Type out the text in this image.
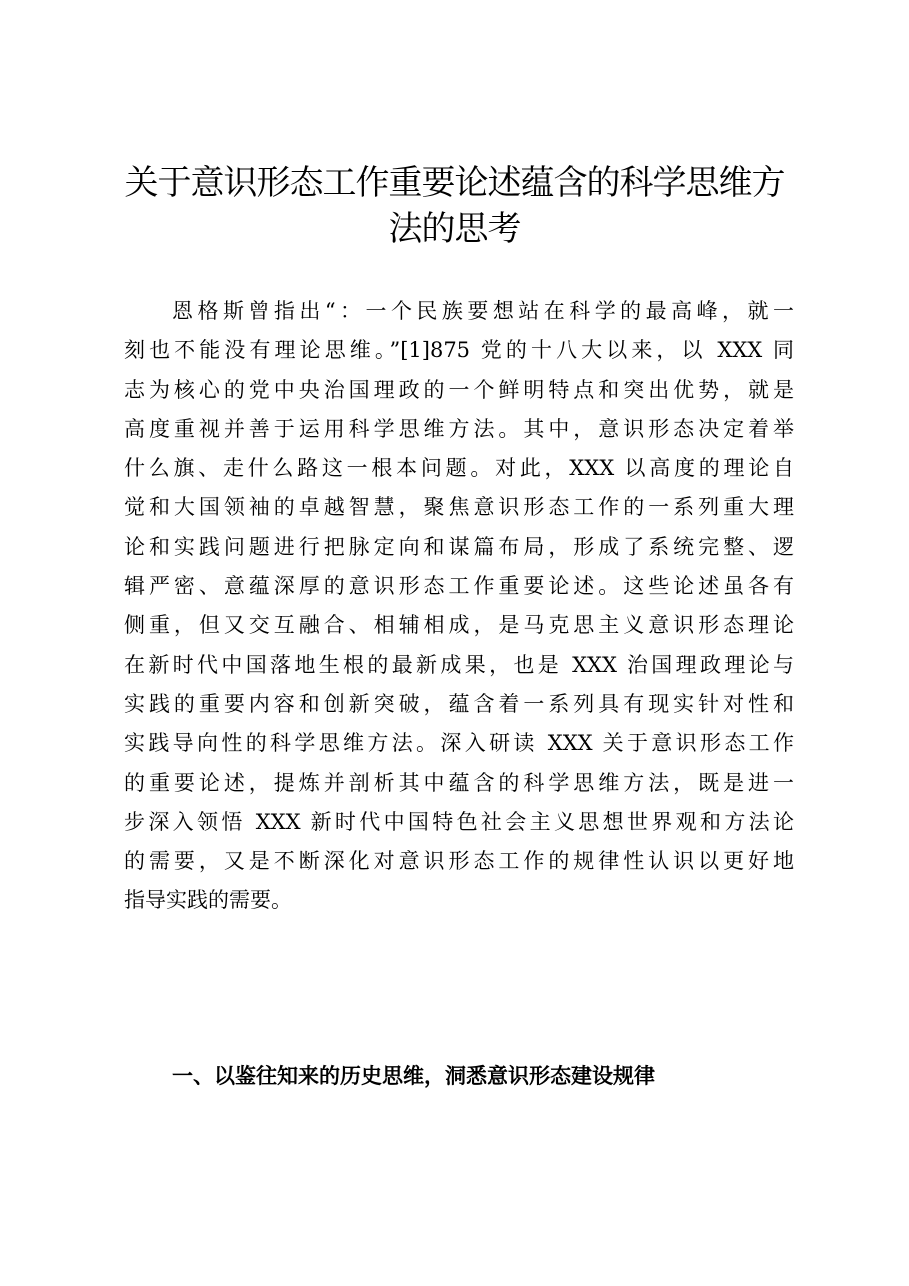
关于意识形态工作重要论述蕴含的科学思维方
法的思考

恩格斯曾指出“：一个民族要想站在科学的最高峰，就一
刻也不能没有理论思维。”[1]875 党的十八大以来，以 XXX 同
志为核心的党中央治国理政的一个鲜明特点和突出优势，就是
高度重视并善于运用科学思维方法。其中，意识形态决定着举
什么旗、走什么路这一根本问题。对此，XXX 以高度的理论自
觉和大国领袖的卓越智慧，聚焦意识形态工作的一系列重大理
论和实践问题进行把脉定向和谋篇布局，形成了系统完整、逻
辑严密、意蕴深厚的意识形态工作重要论述。这些论述虽各有
侧重，但又交互融合、相辅相成，是马克思主义意识形态理论
在新时代中国落地生根的最新成果，也是 XXX 治国理政理论与
实践的重要内容和创新突破，蕴含着一系列具有现实针对性和
实践导向性的科学思维方法。深入研读 XXX 关于意识形态工作
的重要论述，提炼并剖析其中蕴含的科学思维方法，既是进一
步深入领悟 XXX 新时代中国特色社会主义思想世界观和方法论
的需要，又是不断深化对意识形态工作的规律性认识以更好地
指导实践的需要。

一、以鉴往知来的历史思维，洞悉意识形态建设规律
